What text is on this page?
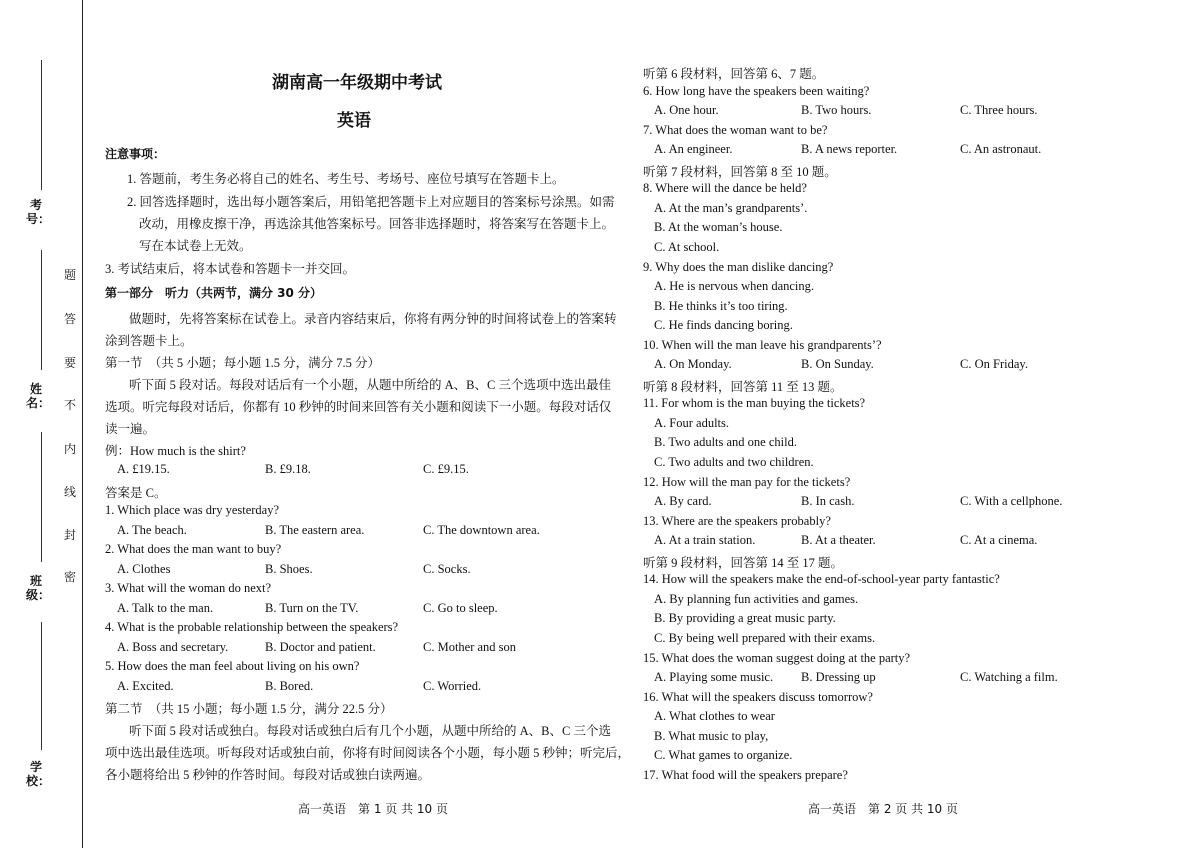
考号：
姓名：
班级：
学校：
题
答
要
不
内
线
封
密
湖南高一年级期中考试
英语
注意事项：
1. 答题前，考生务必将自己的姓名、考生号、考场号、座位号填写在答题卡上。
2. 回答选择题时，选出每小题答案后，用铅笔把答题卡上对应题目的答案标号涂黑。如需
改动，用橡皮擦干净，再选涂其他答案标号。回答非选择题时，将答案写在答题卡上。
写在本试卷上无效。
3. 考试结束后，将本试卷和答题卡一并交回。
第一部分　听力（共两节，满分 30 分）
做题时，先将答案标在试卷上。录音内容结束后，你将有两分钟的时间将试卷上的答案转
涂到答题卡上。
第一节　（共 5 小题；每小题 1.5 分，满分 7.5 分）
听下面 5 段对话。每段对话后有一个小题，从题中所给的 A、B、C 三个选项中选出最佳
选项。听完每段对话后，你都有 10 秒钟的时间来回答有关小题和阅读下一小题。每段对话仅
读一遍。
例：How much is the shirt?
A. £19.15.	B. £9.18.	C. £9.15.
答案是 C。
第二节　（共 15 小题；每小题 1.5 分，满分 22.5 分）
听下面 5 段对话或独白。每段对话或独白后有几个小题，从题中所给的 A、B、C 三个选
项中选出最佳选项。听每段对话或独白前，你将有时间阅读各个小题，每小题 5 秒钟；听完后，
各小题将给出 5 秒钟的作答时间。每段对话或独白读两遍。
1. Which place was dry yesterday?
A. The beach.	B. The eastern area.	C. The downtown area.
2. What does the man want to buy?
A. Clothes	B. Shoes.	C. Socks.
3. What will the woman do next?
A. Talk to the man.	B. Turn on the TV.	C. Go to sleep.
4. What is the probable relationship between the speakers?
A. Boss and secretary.	B. Doctor and patient.	C. Mother and son
5. How does the man feel about living on his own?
A. Excited.	B. Bored.	C. Worried.
高一英语　第 1 页 共 10 页
听第 6 段材料，回答第 6、7 题。
6. How long have the speakers been waiting?
A. One hour.	B. Two hours.	C. Three hours.
7. What does the woman want to be?
A. An engineer.	B. A news reporter.	C. An astronaut.
听第 7 段材料，回答第 8 至 10 题。
8. Where will the dance be held?
A. At the man’s grandparents’.
B. At the woman’s house.
C. At school.
9. Why does the man dislike dancing?
A. He is nervous when dancing.
B. He thinks it’s too tiring.
C. He finds dancing boring.
10. When will the man leave his grandparents’?
A. On Monday.	B. On Sunday.	C. On Friday.
听第 8 段材料，回答第 11 至 13 题。
11. For whom is the man buying the tickets?
A. Four adults.
B. Two adults and one child.
C. Two adults and two children.
12. How will the man pay for the tickets?
A. By card.	B. In cash.	C. With a cellphone.
13. Where are the speakers probably?
A. At a train station.	B. At a theater.	C. At a cinema.
听第 9 段材料，回答第 14 至 17 题。
14. How will the speakers make the end-of-school-year party fantastic?
A. By planning fun activities and games.
B. By providing a great music party.
C. By being well prepared with their exams.
15. What does the woman suggest doing at the party?
A. Playing some music. B. Dressing up	C. Watching a film.
16. What will the speakers discuss tomorrow?
A. What clothes to wear
B. What music to play,
C. What games to organize.
17. What food will the speakers prepare?
高一英语　第 2 页 共 10 页
